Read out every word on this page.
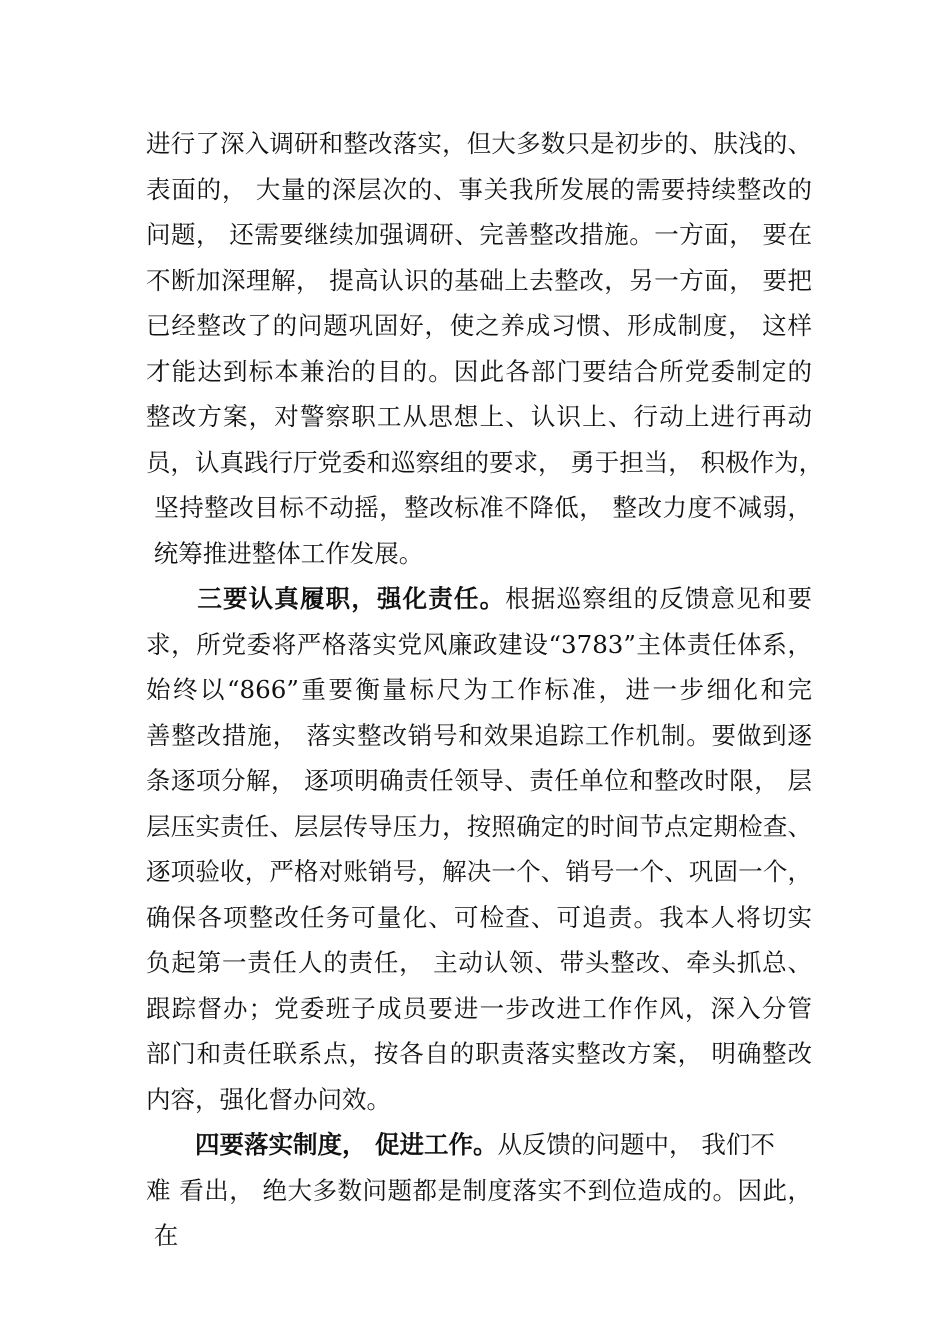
进行了深入调研和整改落实，但大多数只是初步的、肤浅的、
表面的， 大量的深层次的、事关我所发展的需要持续整改的
问题， 还需要继续加强调研、完善整改措施。一方面， 要在
不断加深理解， 提高认识的基础上去整改，另一方面， 要把
已经整改了的问题巩固好，使之养成习惯、形成制度， 这样
才能达到标本兼治的目的。因此各部门要结合所党委制定的
整改方案，对警察职工从思想上、认识上、行动上进行再动
员，认真践行厅党委和巡察组的要求， 勇于担当， 积极作为，
坚持整改目标不动摇，整改标准不降低， 整改力度不减弱，
统筹推进整体工作发展。
　　三要认真履职，强化责任。根据巡察组的反馈意见和要
求，所党委将严格落实党风廉政建设“3783”主体责任体系，
始终以“866”重要衡量标尺为工作标准，进一步细化和完
善整改措施， 落实整改销号和效果追踪工作机制。要做到逐
条逐项分解， 逐项明确责任领导、责任单位和整改时限， 层
层压实责任、层层传导压力，按照确定的时间节点定期检查、
逐项验收，严格对账销号，解决一个、销号一个、巩固一个，
确保各项整改任务可量化、可检查、可追责。我本人将切实
负起第一责任人的责任， 主动认领、带头整改、牵头抓总、
跟踪督办；党委班子成员要进一步改进工作作风，深入分管
部门和责任联系点，按各自的职责落实整改方案， 明确整改
内容，强化督办问效。
　　四要落实制度， 促进工作。从反馈的问题中， 我们不
难 看出， 绝大多数问题都是制度落实不到位造成的。因此，
在
